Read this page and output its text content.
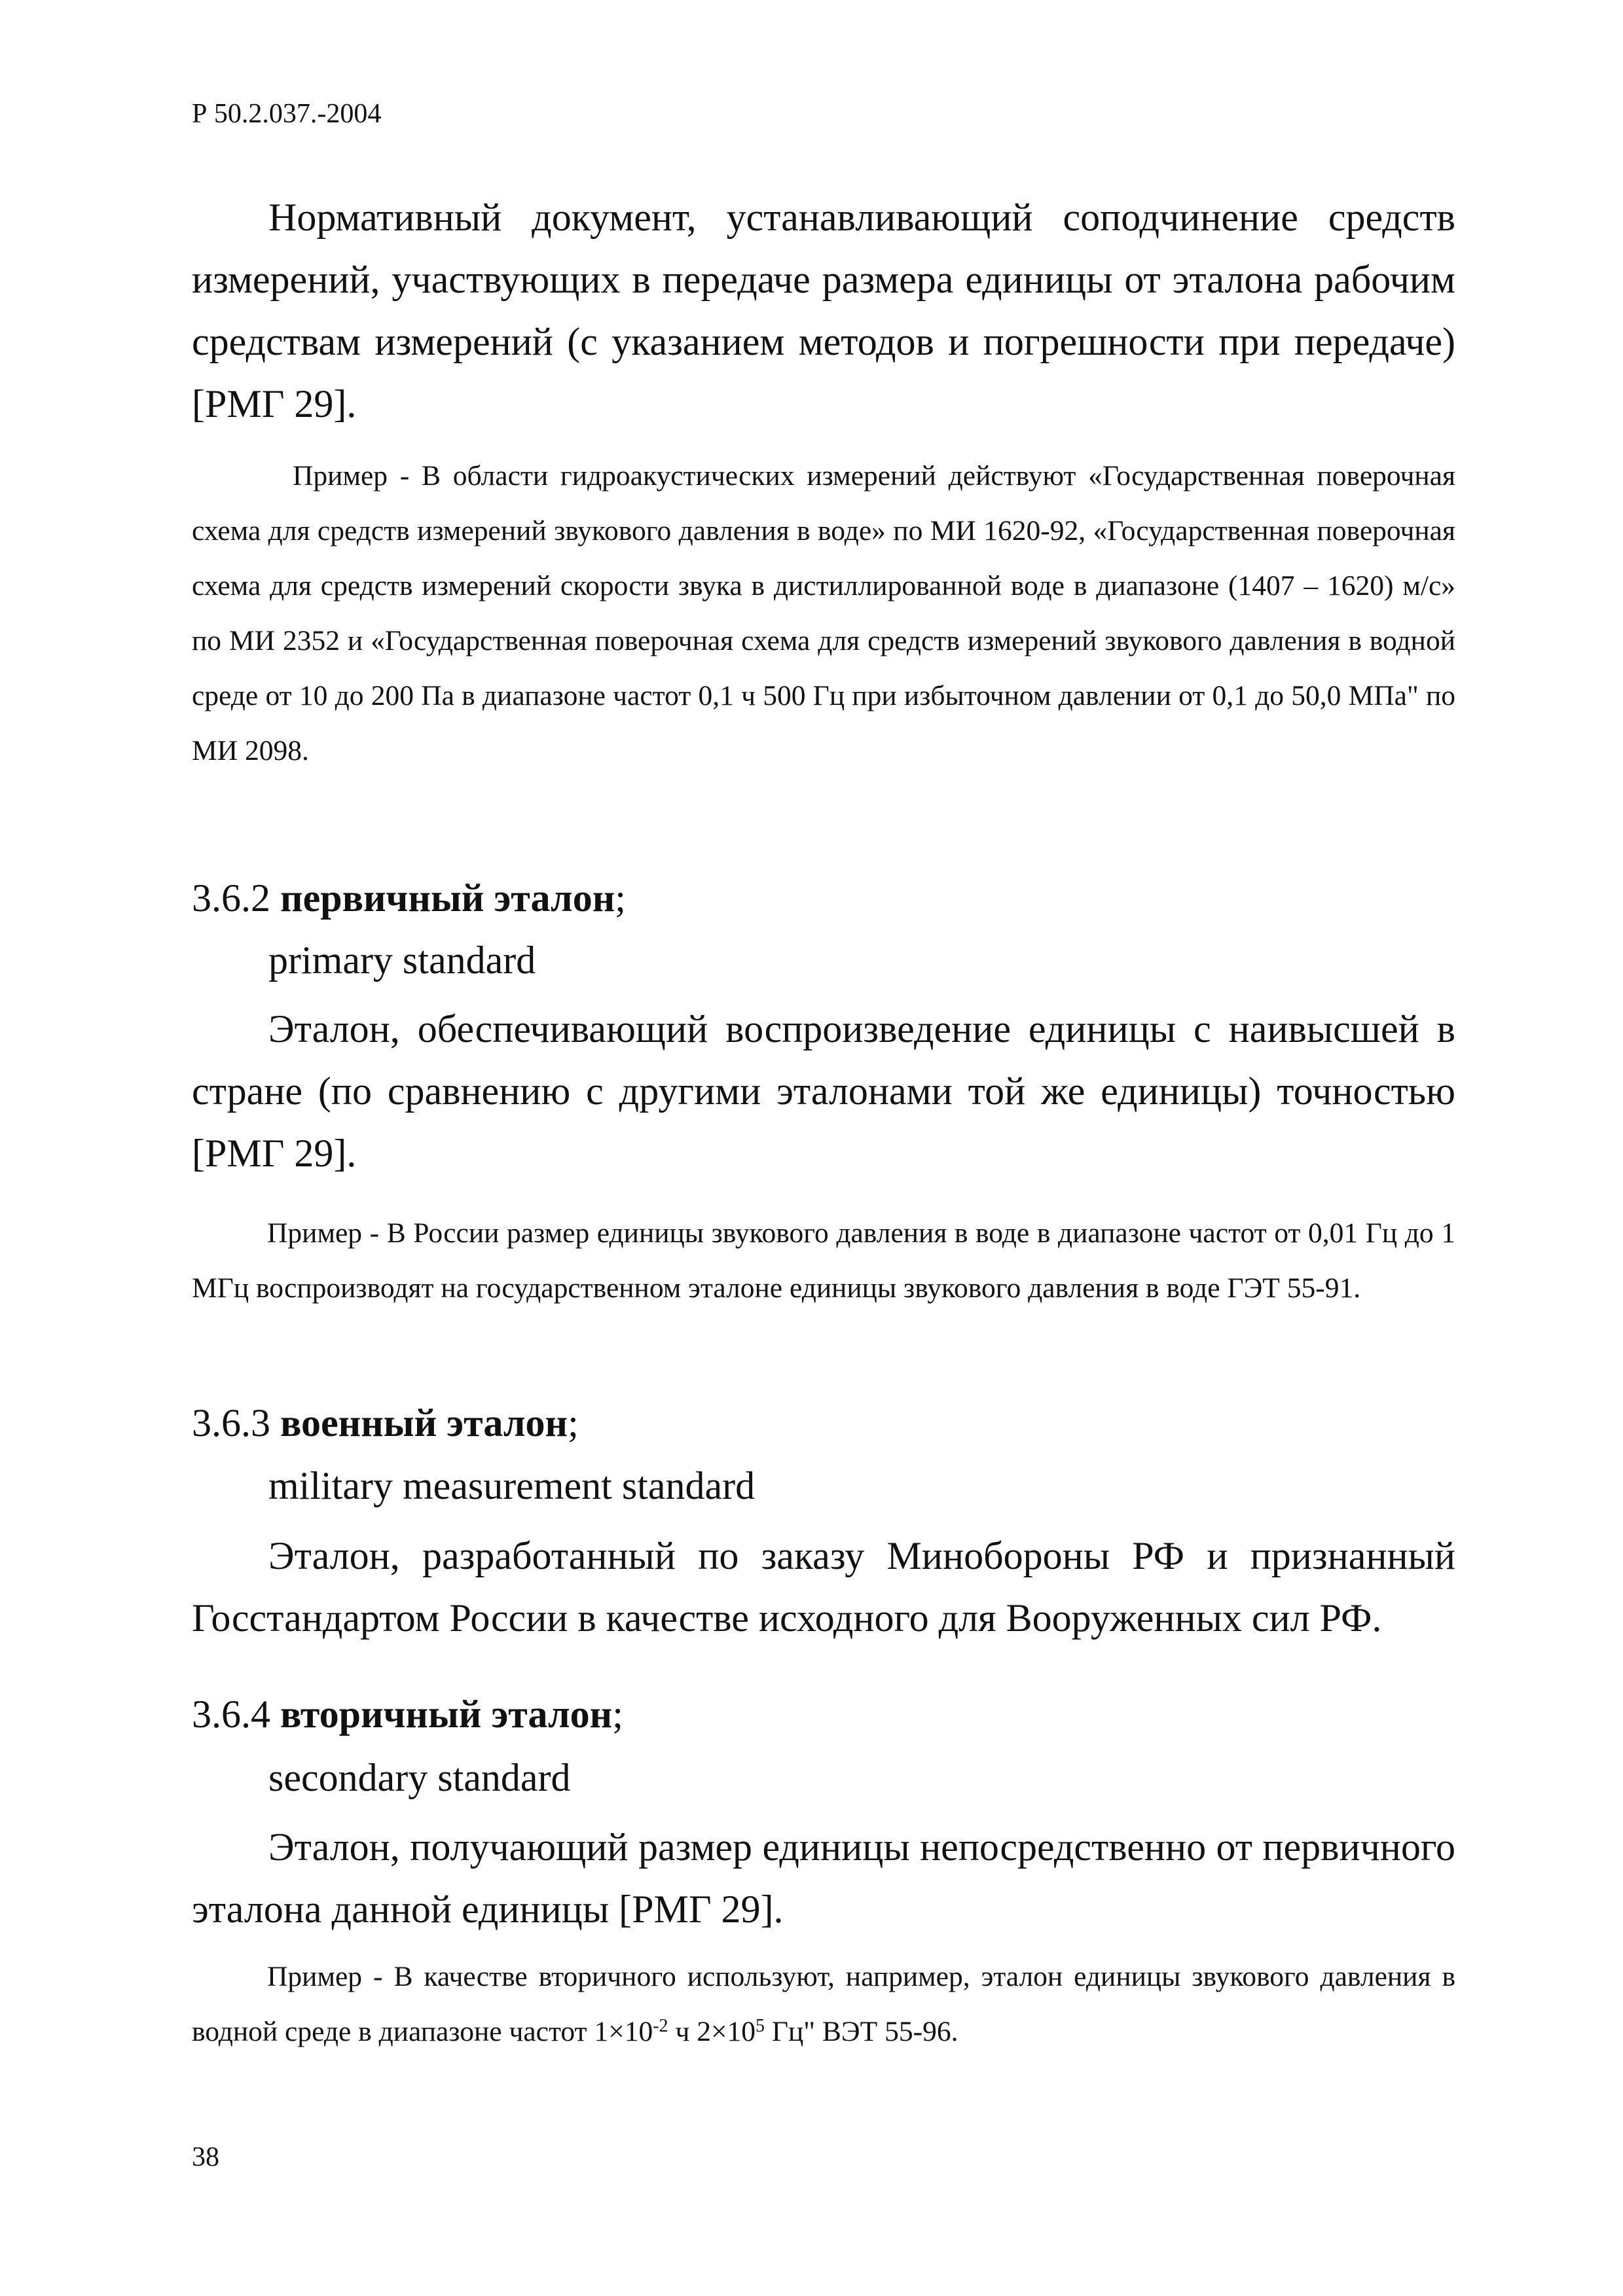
Р 50.2.037.-2004

Нормативный документ, устанавливающий соподчинение средств измерений, участвующих в передаче размера единицы от эталона рабочим средствам измерений (с указанием методов и погрешности при передаче) [РМГ 29].

Пример - В области гидроакустических измерений действуют «Государственная поверочная схема для средств измерений звукового давления в воде» по МИ 1620-92, «Государственная поверочная схема для средств измерений скорости звука в дистиллированной воде в диапазоне (1407 – 1620) м/с» по МИ 2352 и «Государственная поверочная схема для средств измерений звукового давления в водной среде от 10 до 200 Па в диапазоне частот 0,1 ч 500 Гц при избыточном давлении от 0,1 до 50,0 МПа" по МИ 2098.

3.6.2 первичный эталон;
primary standard

Эталон, обеспечивающий воспроизведение единицы с наивысшей в стране (по сравнению с другими эталонами той же единицы) точностью [РМГ 29].

Пример - В России размер единицы звукового давления в воде в диапазоне частот от 0,01 Гц до 1 МГц воспроизводят на государственном эталоне единицы звукового давления в воде ГЭТ 55-91.

3.6.3 военный эталон;
military measurement standard

Эталон, разработанный по заказу Минобороны РФ и признанный Госстандартом России в качестве исходного для Вооруженных сил РФ.

3.6.4 вторичный эталон;
secondary standard

Эталон, получающий размер единицы непосредственно от первичного эталона данной единицы [РМГ 29].

Пример - В качестве вторичного используют, например, эталон единицы звукового давления в водной среде в диапазоне частот $1\times 10^{-2}$ ч $2\times 10^5$ Гц" ВЭТ 55-96.

38
